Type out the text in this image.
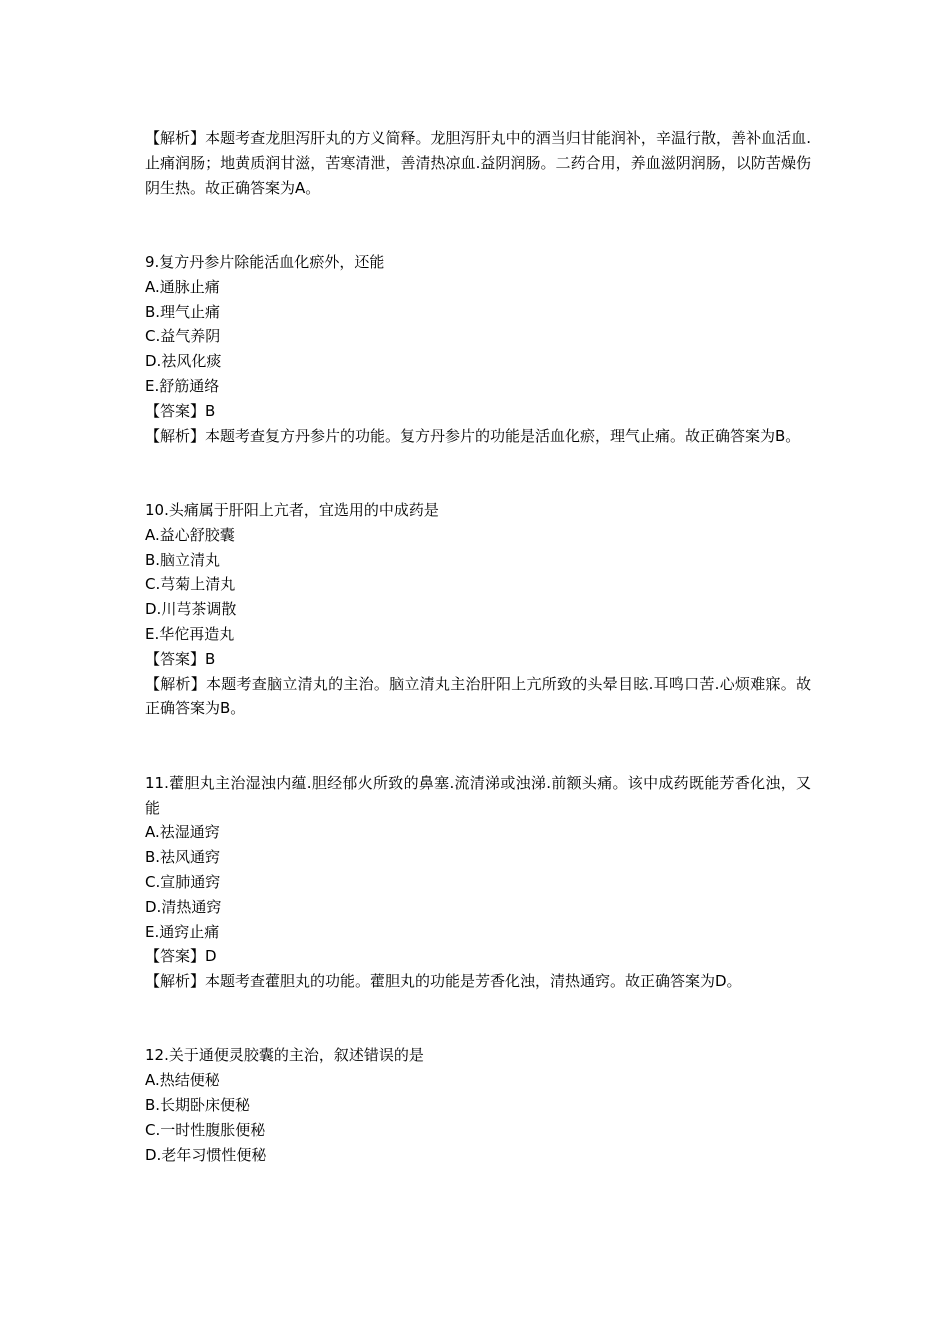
【解析】本题考查龙胆泻肝丸的方义简释。龙胆泻肝丸中的酒当归甘能润补，辛温行散，善补血活血.止痛润肠；地黄质润甘滋，苦寒清泄，善清热凉血.益阴润肠。二药合用，养血滋阴润肠，以防苦燥伤阴生热。故正确答案为A。

9.复方丹参片除能活血化瘀外，还能

A.通脉止痛

B.理气止痛

C.益气养阴

D.祛风化痰

E.舒筋通络

【答案】B

【解析】本题考查复方丹参片的功能。复方丹参片的功能是活血化瘀，理气止痛。故正确答案为B。

10.头痛属于肝阳上亢者，宜选用的中成药是

A.益心舒胶囊

B.脑立清丸

C.芎菊上清丸

D.川芎茶调散

E.华佗再造丸

【答案】B

【解析】本题考查脑立清丸的主治。脑立清丸主治肝阳上亢所致的头晕目眩.耳鸣口苦.心烦难寐。故正确答案为B。

11.藿胆丸主治湿浊内蕴.胆经郁火所致的鼻塞.流清涕或浊涕.前额头痛。该中成药既能芳香化浊，又能

A.祛湿通窍

B.祛风通窍

C.宣肺通窍

D.清热通窍

E.通窍止痛

【答案】D

【解析】本题考查藿胆丸的功能。藿胆丸的功能是芳香化浊，清热通窍。故正确答案为D。

12.关于通便灵胶囊的主治，叙述错误的是

A.热结便秘

B.长期卧床便秘

C.一时性腹胀便秘

D.老年习惯性便秘
